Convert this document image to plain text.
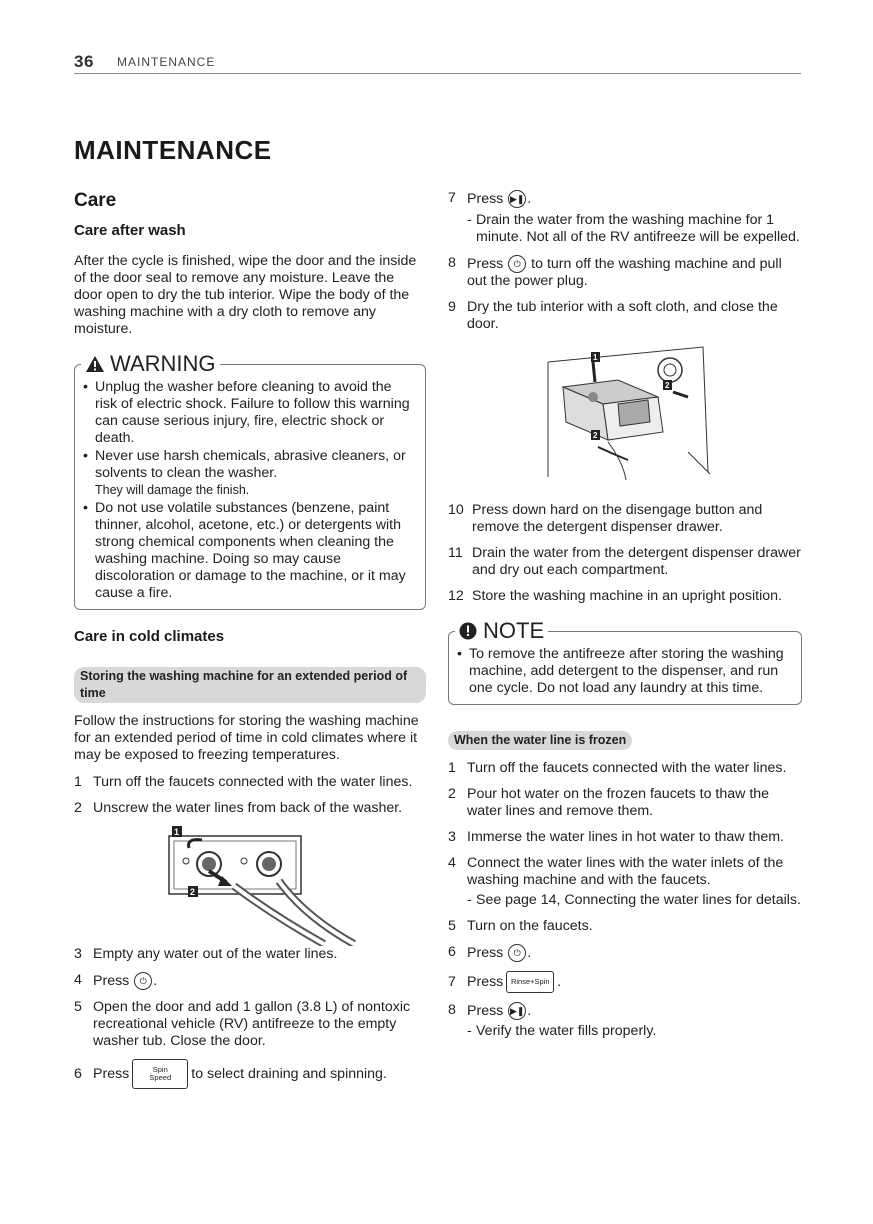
36 MAINTENANCE
MAINTENANCE
Care
Care after wash

After the cycle is finished, wipe the door and the inside of the door seal to remove any moisture. Leave the door open to dry the tub interior. Wipe the body of the washing machine with a dry cloth to remove any moisture.

WARNING
• Unplug the washer before cleaning to avoid the risk of electric shock. Failure to follow this warning can cause serious injury, fire, electric shock or death.
• Never use harsh chemicals, abrasive cleaners, or solvents to clean the washer.
They will damage the finish.
• Do not use volatile substances (benzene, paint thinner, alcohol, acetone, etc.) or detergents with strong chemical components when cleaning the washing machine. Doing so may cause discoloration or damage to the machine, or it may cause a fire.
Care in cold climates
Storing the washing machine for an extended period of time

Follow the instructions for storing the washing machine for an extended period of time in cold climates where it may be exposed to freezing temperatures.

1 Turn off the faucets connected with the water lines.
2 Unscrew the water lines from back of the washer.
1
2
3 Empty any water out of the water lines.
4 Press ⏻ .
5 Open the door and add 1 gallon (3.8 L) of nontoxic recreational vehicle (RV) antifreeze to the empty washer tub. Close the door.
6 Press	Spin
Speed to select draining and spinning.
7 Press ▶❚ .
- Drain the water from the washing machine for 1 minute. Not all of the RV antifreeze will be expelled.
8 Press ⏻ to turn off the washing machine and pull out the power plug.
9 Dry the tub interior with a soft cloth, and close the door.
1
2
2
10 Press down hard on the disengage button and remove the detergent dispenser drawer.
11 Drain the water from the detergent dispenser drawer and dry out each compartment.
12 Store the washing machine in an upright position.
NOTE
• To remove the antifreeze after storing the washing machine, add detergent to the dispenser, and run one cycle. Do not load any laundry at this time.
When the water line is frozen
1 Turn off the faucets connected with the water lines.
2 Pour hot water on the frozen faucets to thaw the water lines and remove them.
3 Immerse the water lines in hot water to thaw them.
4 Connect the water lines with the water inlets of the washing machine and with the faucets.
- See page 14, Connecting the water lines for details.
5 Turn on the faucets.
6 Press ⏻ .
7 Press Rinse+Spin .
8 Press ▶❚ .
- Verify the water fills properly.
